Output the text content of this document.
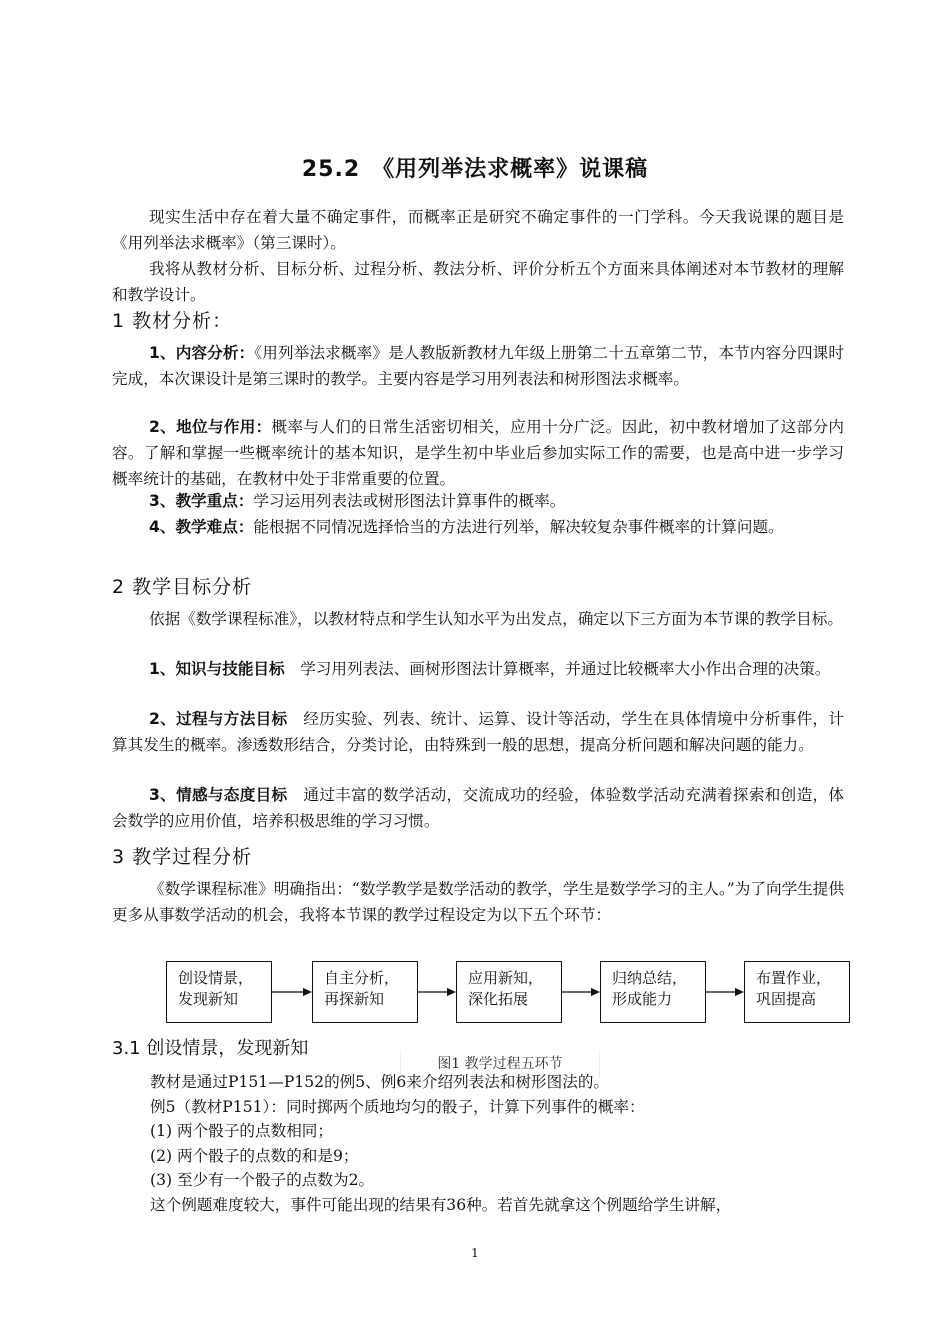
25.2　《用列举法求概率》说课稿
现实生活中存在着大量不确定事件，而概率正是研究不确定事件的一门学科。今天我说课的题目是《用列举法求概率》（第三课时）。
我将从教材分析、目标分析、过程分析、教法分析、评价分析五个方面来具体阐述对本节教材的理解和教学设计。
1 教材分析：
1、内容分析：《用列举法求概率》是人教版新教材九年级上册第二十五章第二节，本节内容分四课时完成，本次课设计是第三课时的教学。主要内容是学习用列表法和树形图法求概率。
2、地位与作用：概率与人们的日常生活密切相关，应用十分广泛。因此，初中教材增加了这部分内容。了解和掌握一些概率统计的基本知识，是学生初中毕业后参加实际工作的需要，也是高中进一步学习概率统计的基础，在教材中处于非常重要的位置。
3、教学重点：学习运用列表法或树形图法计算事件的概率。
4、教学难点：能根据不同情况选择恰当的方法进行列举，解决较复杂事件概率的计算问题。
2 教学目标分析
依据《数学课程标准》，以教材特点和学生认知水平为出发点，确定以下三方面为本节课的教学目标。
1、知识与技能目标  学习用列表法、画树形图法计算概率，并通过比较概率大小作出合理的决策。
2、过程与方法目标  经历实验、列表、统计、运算、设计等活动，学生在具体情境中分析事件，计算其发生的概率。渗透数形结合，分类讨论，由特殊到一般的思想，提高分析问题和解决问题的能力。
3、情感与态度目标  通过丰富的数学活动，交流成功的经验，体验数学活动充满着探索和创造，体会数学的应用价值，培养积极思维的学习习惯。
3 教学过程分析
《数学课程标准》明确指出：“数学教学是数学活动的教学，学生是数学学习的主人。”为了向学生提供更多从事数学活动的机会，我将本节课的教学过程设定为以下五个环节：
创设情景，
发现新知
自主分析，
再探新知
应用新知，
深化拓展
归纳总结，
形成能力
布置作业，
巩固提高
3.1 创设情景，发现新知
图1 教学过程五环节
教材是通过P151—P152的例5、例6来介绍列表法和树形图法的。
例5（教材P151）：同时掷两个质地均匀的骰子，计算下列事件的概率：
(1) 两个骰子的点数相同；
(2) 两个骰子的点数的和是9；
(3) 至少有一个骰子的点数为2。
这个例题难度较大，事件可能出现的结果有36种。若首先就拿这个例题给学生讲解，
1
